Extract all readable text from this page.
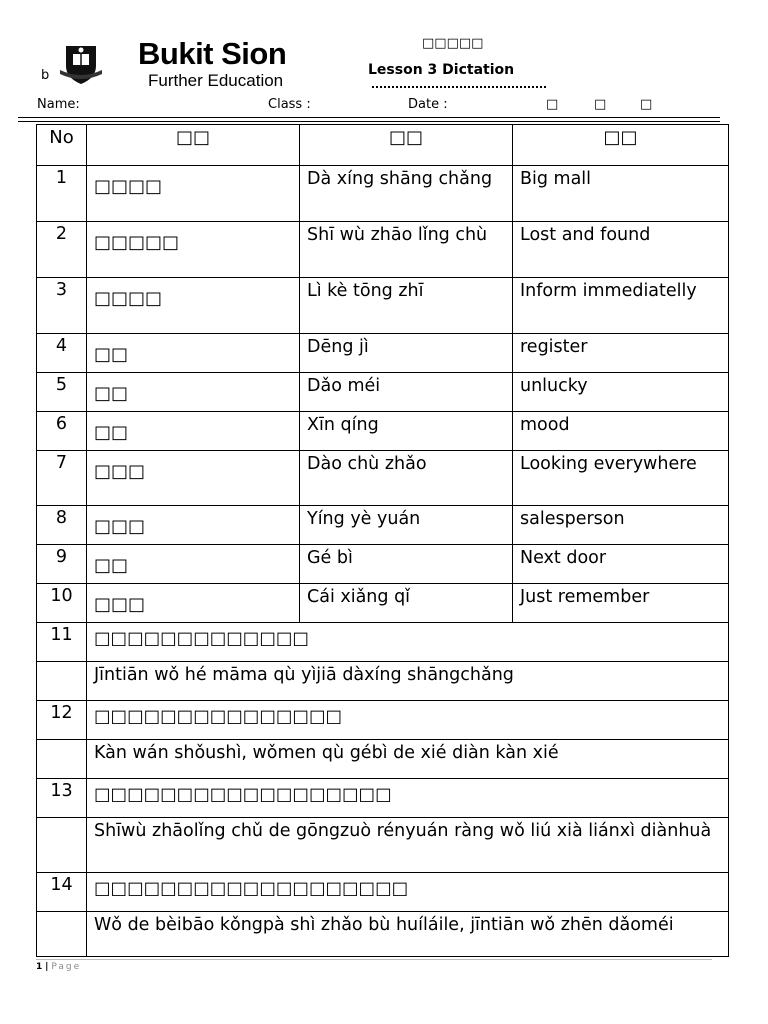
b
Bukit Sion
Further Education
□□□□□
Lesson 3 Dictation
Name:	Class :	Date :	□	□	□
No	□□	□□	□□
1	□□□□	Dà xíng shāng chǎng	Big mall
2	□□□□□	Shī wù zhāo lǐng chù	Lost and found
3	□□□□	Lì kè tōng zhī	Inform immediatelly
4	□□	Dēng jì	register
5	□□	Dǎo méi	unlucky
6	□□	Xīn qíng	mood
7	□□□	Dào chù zhǎo	Looking everywhere
8	□□□	Yíng yè yuán	salesperson
9	□□	Gé bì	Next door
10	□□□	Cái xiǎng qǐ	Just remember
11	□□□□□□□□□□□□□		
	Jīntiān wǒ hé māma qù yìjiā dàxíng shāngchǎng		
12	□□□□□□□□□□□□□□□		
	Kàn wán shǒushì, wǒmen qù gébì de xié diàn kàn xié		
13	□□□□□□□□□□□□□□□□□□		
	Shīwù zhāolǐng chǔ de gōngzuò rényuán ràng wǒ liú xià liánxì diànhuà		
14	□□□□□□□□□□□□□□□□□□□		
	Wǒ de bèibāo kǒngpà shì zhǎo bù huíláile, jīntiān wǒ zhēn dǎoméi		
1 | Page
